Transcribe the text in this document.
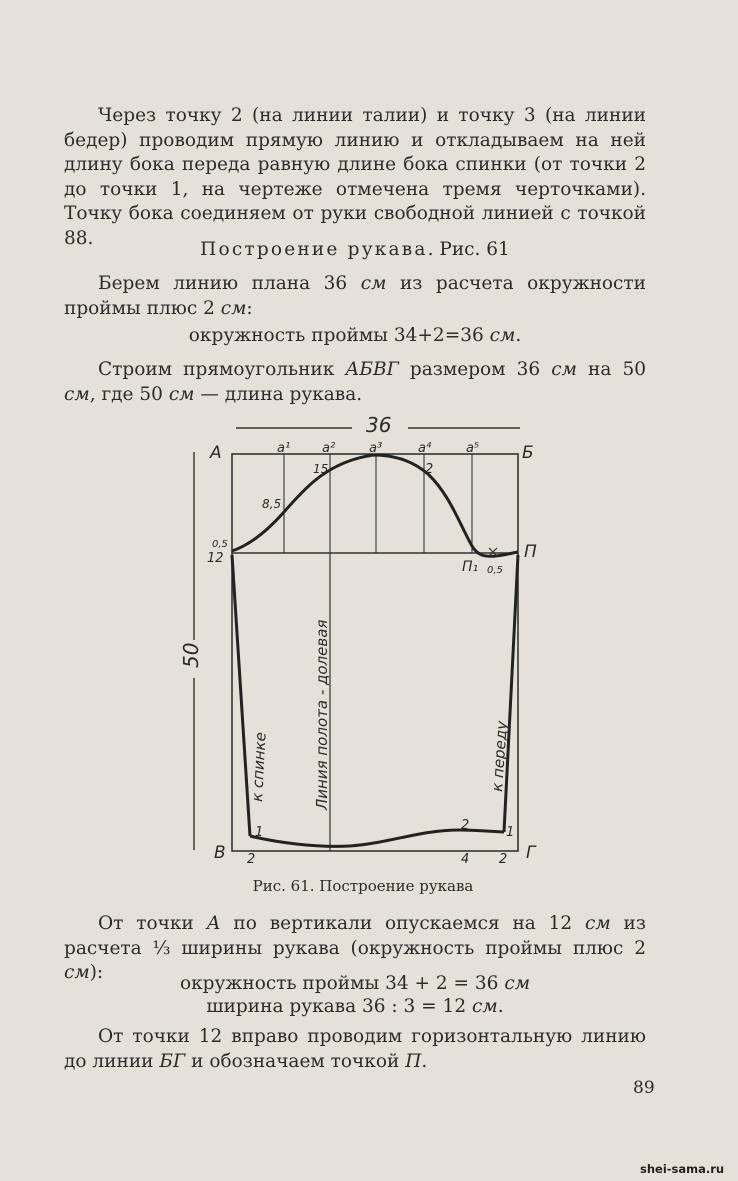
Через точку 2 (на линии талии) и точку 3 (на линии бедер) проводим прямую линию и откладываем на ней длину бока переда равную длине бока спинки (от точки 2 до точки 1, на чертеже отмечена тремя черточками). Точку бока соединяем от руки свободной линией с точкой 88.
Построение рукава. Рис. 61
Берем линию плана 36 см из расчета окружности проймы плюс 2 см:
окружность проймы 34+2=36 см.
Строим прямоугольник АБВГ размером 36 см на 50 см, где 50 см — длина рукава.
36
50
А	Б
В	Г
П
12
П₁
a¹ a²	a³	a⁴	a⁵
15	2
8,5
0,5
0,5
1	2	1
2	4 2
к спинке	Линия полота - долевая	к переду
Рис. 61. Построение рукава
От точки А по вертикали опускаемся на 12 см из расчета ⅓ ширины рукава (окружность проймы плюс 2 см):
окружность проймы 34 + 2 = 36 см
ширина рукава 36 : 3 = 12 см.
От точки 12 вправо проводим горизонтальную линию до линии БГ и обозначаем точкой П.
89
shei-sama.ru
